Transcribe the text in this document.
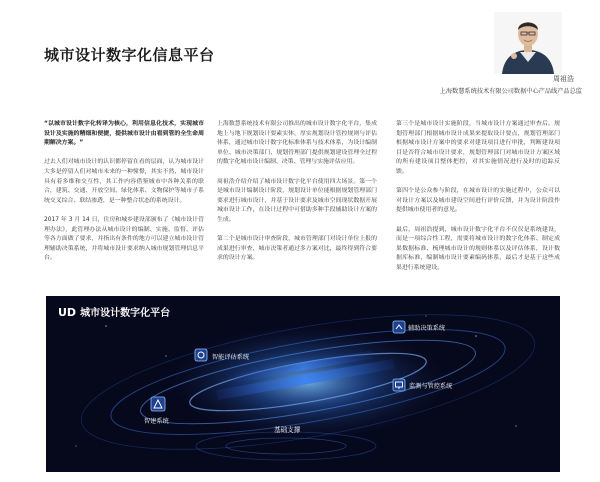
城市设计数字化信息平台
周祖浩
上海数慧系统技术有限公司数据中心产品线产品总监

“以城市设计数字化转译为核心，利用信息化技术，实现城市设计及实施的精细和便捷，提供城市设计由看到管的全生命周期解决方案。”

过去人们对城市设计的认识都停留在看的层面，认为城市设计大多是停留人们对城市未来的一种憧憬，其实不然，城市设计具有着多维和交互性，其工作内容借鉴城市中各种关系的联合，建筑、交通、开放空间、绿化体系、文物保护等城市子系统交叉综合、联结渗透，是一种整合状态的系统设计。

2017 年 3 月 14 日，住房和城乡建设部颁布了《城市设计管理办法》，此管理办法从城市设计的编制、实施、监督、评估等各方面做了要求，并指出有条件的地方可以建立城市设计管理辅助决策系统，并将城市设计要求纳入城市规划管理信息平台。

上海数慧系统技术有限公司推出的城市设计数字化平台，集成地上与地下规划设计要素实体，厚实规划设计管控规则与评估体系，通过城市设计数字化标准体系与技术体系，为设计编制单位、城市决策部门、规划管理部门提供规划建设管理全过程的数字化城市设计编制、决策、管理与实施评估应用。

周祖浩介绍介绍了城市设计数字化平台使用四大场景。第一个是城市设计编制设计阶段，规划设计单位能根据规划管理部门要求进行城市设计，并基于设计要求及城市空间现状数据开展城市设计工作，在设计过程中可借助多种手段辅助设计方案的生成。

第二个是城市设计审查阶段，城市管理部门对设计单位上报的成果进行审查，城市决策者通过多方案对比，最终得到符合要求的设计方案。

第三个是城市设计实施阶段，当城市设计方案通过审查后，规划管理部门根据城市设计成果来提取设计要点，规划管理部门根据城市设计方案中的要求对建设项目进行审批，判断建设项目是否符合城市设计要求，规划管理部门对城市设计方案区域的所有建设项目整体把控，对其实施情况进行及时的追踪反馈。

第四个是公众参与阶段，在城市设计的实施过程中，公众可以对设计方案以及城市建设空间进行评价反馈，并为设计阶段作提供城市使用者的意见。

最后，周祖浩提到，城市设计数字化平台不仅仅是系统建设，而是一项综合性工程，需要将城市设计的数字化体系、制定成果数据标准、梳理城市设计的规则体系以及评估体系，设计数据库标准，编制城市设计要素编码体系，最后才是基于这些成果进行系统建设。

UD 城市设计数字化平台
辅助决策系统
智能评估系统
监测与管控系统
智建系统
基础支撑
